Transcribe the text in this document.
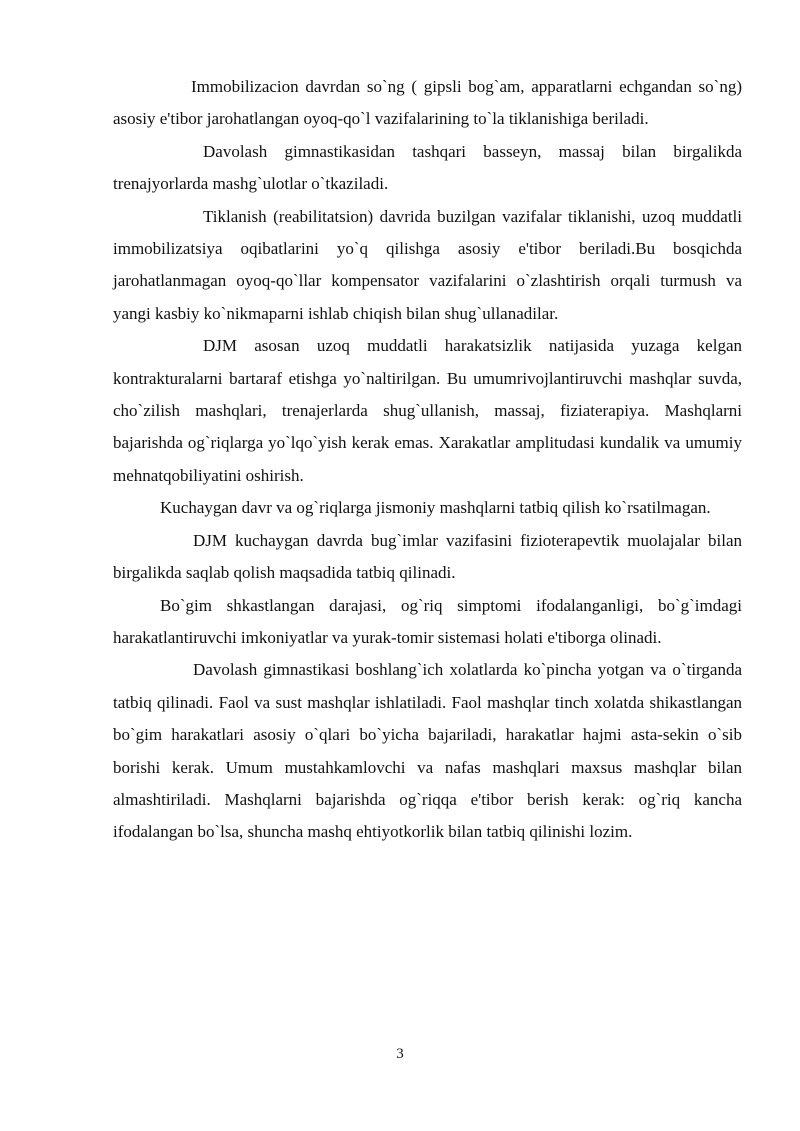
Immobilizacion davrdan so`ng ( gipsli bog`am, apparatlarni echgandan so`ng) asosiy e'tibor jarohatlangan oyoq-qo`l vazifalarining to`la tiklanishiga beriladi.

Davolash gimnastikasidan tashqari basseyn, massaj bilan birgalikda trenajyorlarda mashg`ulotlar o`tkaziladi.

Tiklanish (reabilitatsion) davrida buzilgan vazifalar tiklanishi, uzoq muddatli immobilizatsiya oqibatlarini yo`q qilishga asosiy e'tibor beriladi.Bu bosqichda jarohatlanmagan oyoq-qo`llar kompensator vazifalarini o`zlashtirish orqali turmush va yangi kasbiy ko`nikmaparni ishlab chiqish bilan shug`ullanadilar.

DJM asosan uzoq muddatli harakatsizlik natijasida yuzaga kelgan kontrakturalarni bartaraf etishga yo`naltirilgan. Bu umumrivojlantiruvchi mashqlar suvda, cho`zilish mashqlari, trenajerlarda shug`ullanish, massaj, fiziaterapiya. Mashqlarni bajarishda og`riqlarga yo`lqo`yish kerak emas. Xarakatlar amplitudasi kundalik va umumiy mehnatqobiliyatini oshirish.

Kuchaygan davr va og`riqlarga jismoniy mashqlarni tatbiq qilish ko`rsatilmagan.

DJM kuchaygan davrda bug`imlar vazifasini fizioterapevtik muolajalar bilan birgalikda saqlab qolish maqsadida tatbiq qilinadi.

Bo`gim shkastlangan darajasi, og`riq simptomi ifodalanganligi, bo`g`imdagi harakatlantiruvchi imkoniyatlar va yurak-tomir sistemasi holati e'tiborga olinadi.

Davolash gimnastikasi boshlang`ich xolatlarda ko`pincha yotgan va o`tirganda tatbiq qilinadi. Faol va sust mashqlar ishlatiladi. Faol mashqlar tinch xolatda shikastlangan bo`gim harakatlari asosiy o`qlari bo`yicha bajariladi, harakatlar hajmi asta-sekin o`sib borishi kerak. Umum mustahkamlovchi va nafas mashqlari maxsus mashqlar bilan almashtiriladi. Mashqlarni bajarishda og`riqqa e'tibor berish kerak: og`riq kancha ifodalangan bo`lsa, shuncha mashq ehtiyotkorlik bilan tatbiq qilinishi lozim.

3
